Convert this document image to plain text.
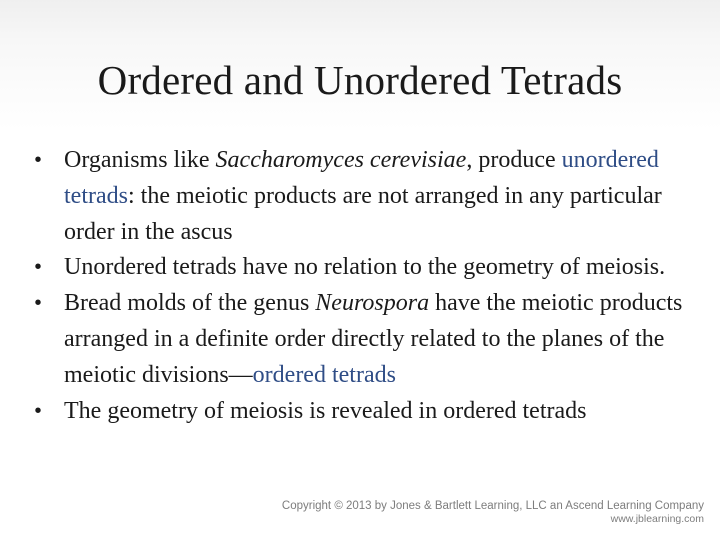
Ordered and Unordered Tetrads
• Organisms like Saccharomyces cerevisiae, produce unordered tetrads: the meiotic products are not arranged in any particular order in the ascus
• Unordered tetrads have no relation to the geometry of meiosis.
• Bread molds of the genus Neurospora have the meiotic products arranged in a definite order directly related to the planes of the meiotic divisions—ordered tetrads
• The geometry of meiosis is revealed in ordered tetrads
Copyright © 2013 by Jones & Bartlett Learning, LLC an Ascend Learning Company
www.jblearning.com
